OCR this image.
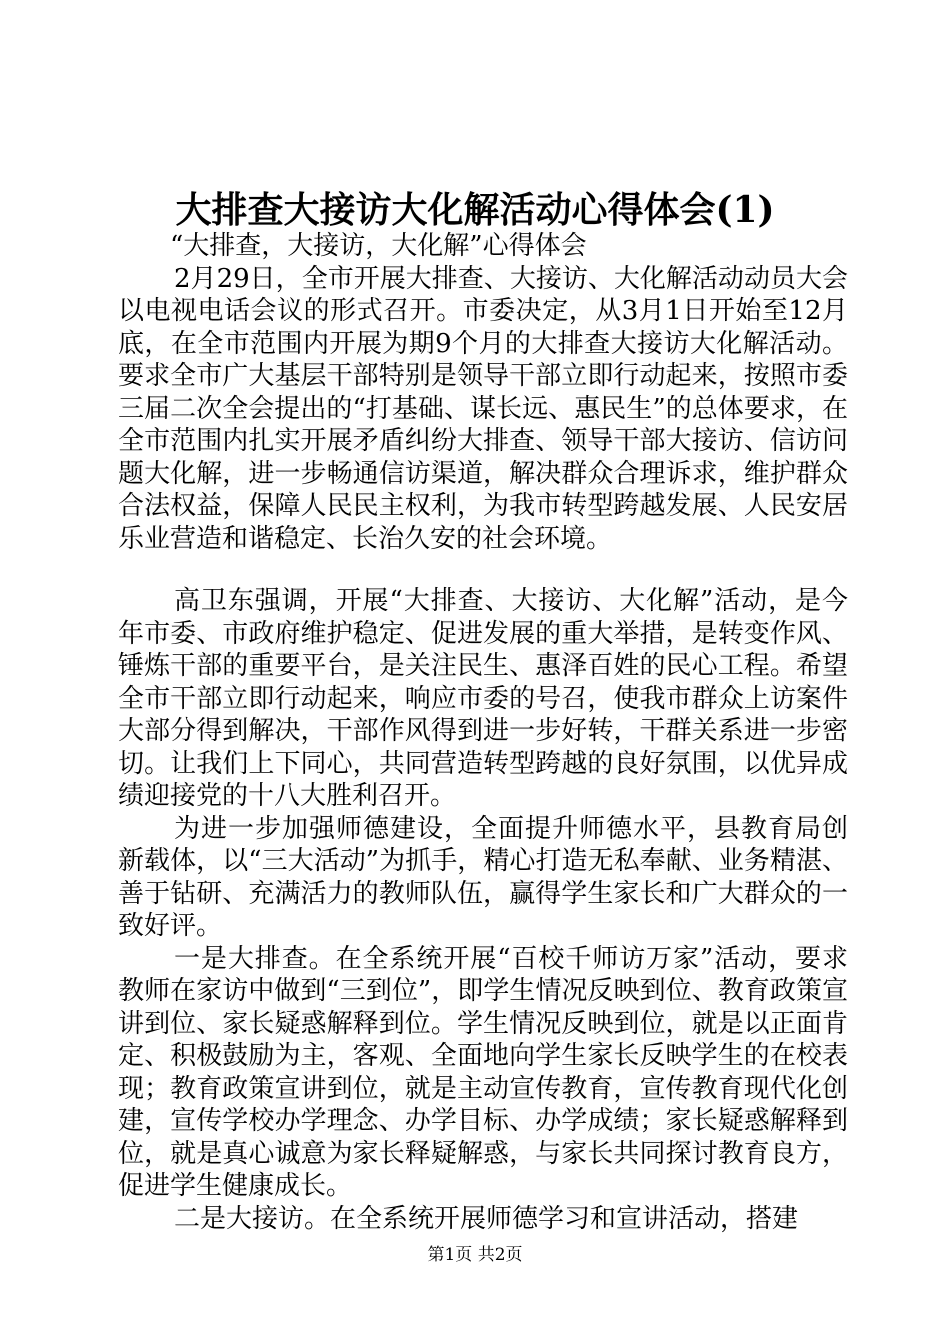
大排查大接访大化解活动心得体会(1)

“大排查，大接访，大化解”心得体会

2月29日，全市开展大排查、大接访、大化解活动动员大会以电视电话会议的形式召开。市委决定，从3月1日开始至12月底，在全市范围内开展为期9个月的大排查大接访大化解活动。要求全市广大基层干部特别是领导干部立即行动起来，按照市委三届二次全会提出的“打基础、谋长远、惠民生”的总体要求，在全市范围内扎实开展矛盾纠纷大排查、领导干部大接访、信访问题大化解，进一步畅通信访渠道，解决群众合理诉求，维护群众合法权益，保障人民民主权利，为我市转型跨越发展、人民安居乐业营造和谐稳定、长治久安的社会环境。

高卫东强调，开展“大排查、大接访、大化解”活动，是今年市委、市政府维护稳定、促进发展的重大举措，是转变作风、锤炼干部的重要平台，是关注民生、惠泽百姓的民心工程。希望全市干部立即行动起来，响应市委的号召，使我市群众上访案件大部分得到解决，干部作风得到进一步好转，干群关系进一步密切。让我们上下同心，共同营造转型跨越的良好氛围，以优异成绩迎接党的十八大胜利召开。

为进一步加强师德建设，全面提升师德水平，县教育局创新载体，以“三大活动”为抓手，精心打造无私奉献、业务精湛、善于钻研、充满活力的教师队伍，赢得学生家长和广大群众的一致好评。

一是大排查。在全系统开展“百校千师访万家”活动，要求教师在家访中做到“三到位”，即学生情况反映到位、教育政策宣讲到位、家长疑惑解释到位。学生情况反映到位，就是以正面肯定、积极鼓励为主，客观、全面地向学生家长反映学生的在校表现；教育政策宣讲到位，就是主动宣传教育，宣传教育现代化创建，宣传学校办学理念、办学目标、办学成绩；家长疑惑解释到位，就是真心诚意为家长释疑解惑，与家长共同探讨教育良方，促进学生健康成长。

二是大接访。在全系统开展师德学习和宣讲活动，搭建

第1页 共2页
